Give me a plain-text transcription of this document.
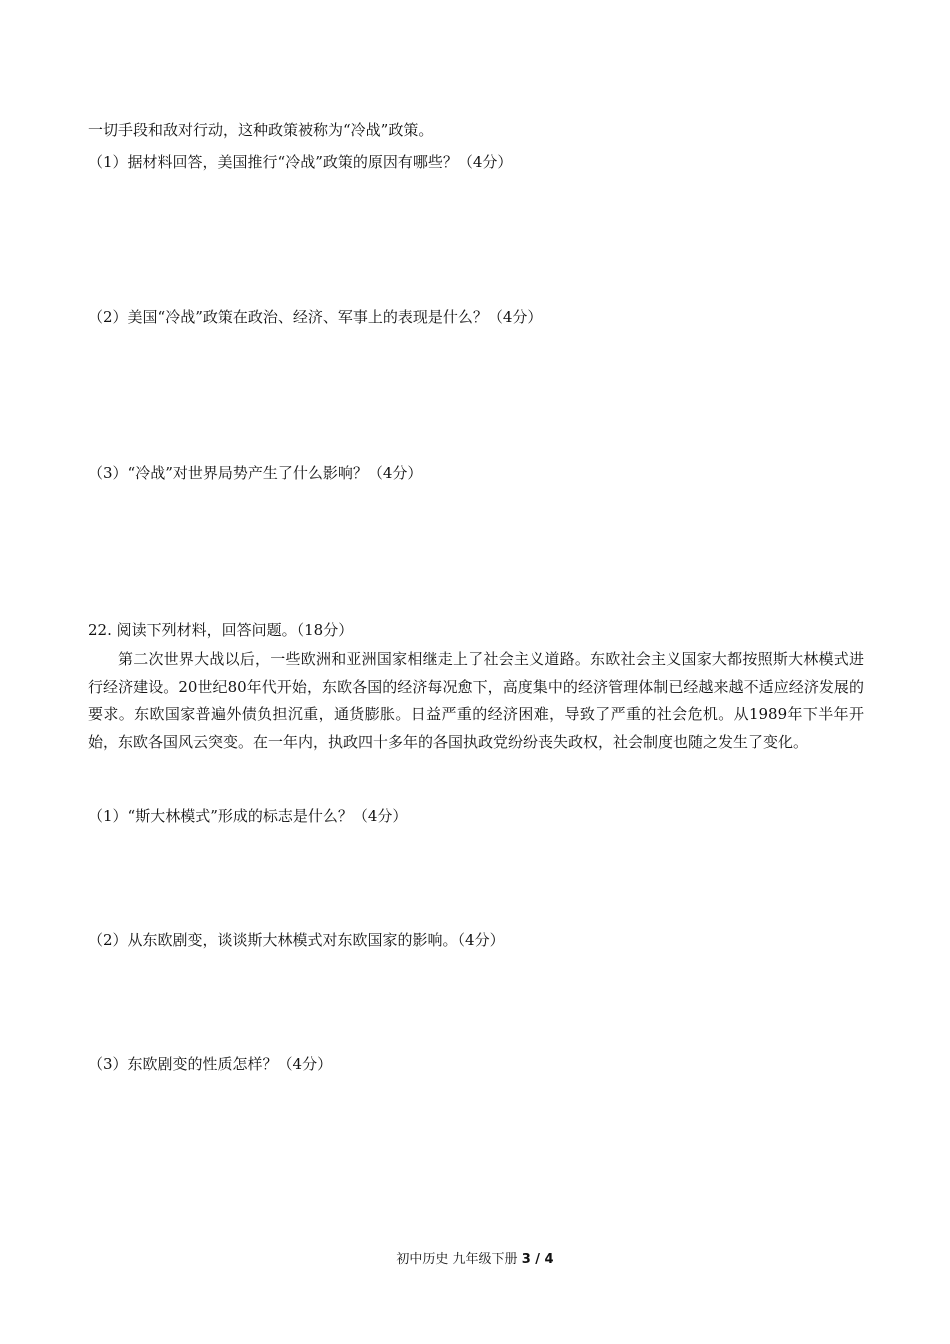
一切手段和敌对行动，这种政策被称为“冷战”政策。
（1）据材料回答，美国推行“冷战”政策的原因有哪些？（4分）
（2）美国“冷战”政策在政治、经济、军事上的表现是什么？（4分）
（3）“冷战”对世界局势产生了什么影响？（4分）
22. 阅读下列材料，回答问题。（18分）
第二次世界大战以后，一些欧洲和亚洲国家相继走上了社会主义道路。东欧社会主义国家大都按照斯大林模式进行经济建设。20世纪80年代开始，东欧各国的经济每况愈下，高度集中的经济管理体制已经越来越不适应经济发展的要求。东欧国家普遍外债负担沉重，通货膨胀。日益严重的经济困难，导致了严重的社会危机。从1989年下半年开始，东欧各国风云突变。在一年内，执政四十多年的各国执政党纷纷丧失政权，社会制度也随之发生了变化。
（1）“斯大林模式”形成的标志是什么？（4分）
（2）从东欧剧变，谈谈斯大林模式对东欧国家的影响。（4分）
（3）东欧剧变的性质怎样？（4分）
初中历史 九年级下册 3 / 4
